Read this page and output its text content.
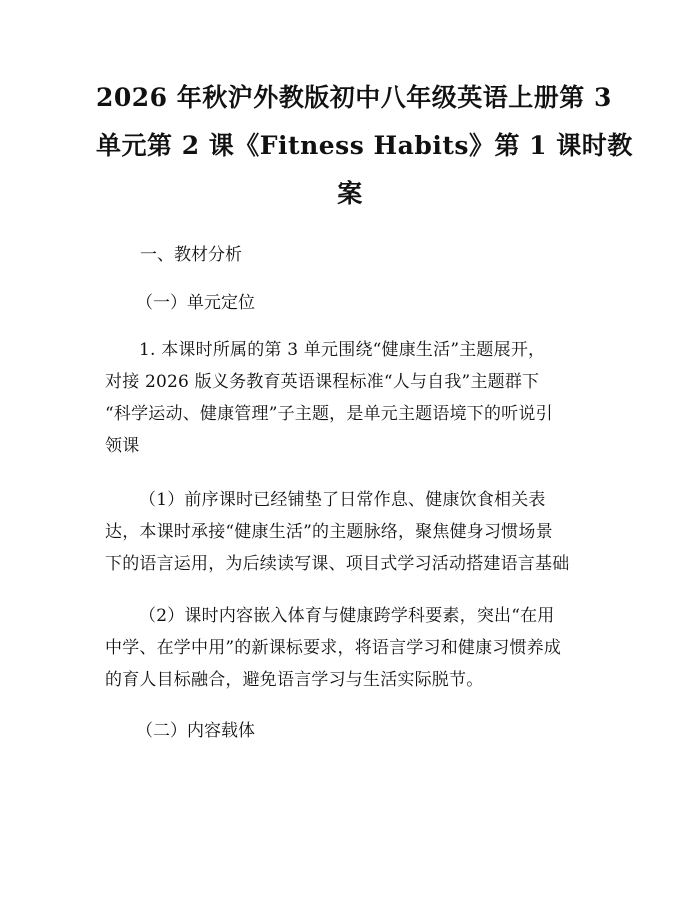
2026 年秋沪外教版初中八年级英语上册第 3
单元第 2 课《Fitness Habits》第 1 课时教
案
一、教材分析
（一）单元定位
1. 本课时所属的第 3 单元围绕“健康生活”主题展开，
对接 2026 版义务教育英语课程标准“人与自我”主题群下
“科学运动、健康管理”子主题，是单元主题语境下的听说引
领课
（1）前序课时已经铺垫了日常作息、健康饮食相关表
达，本课时承接“健康生活”的主题脉络，聚焦健身习惯场景
下的语言运用，为后续读写课、项目式学习活动搭建语言基础
（2）课时内容嵌入体育与健康跨学科要素，突出“在用
中学、在学中用”的新课标要求，将语言学习和健康习惯养成
的育人目标融合，避免语言学习与生活实际脱节。
（二）内容载体
